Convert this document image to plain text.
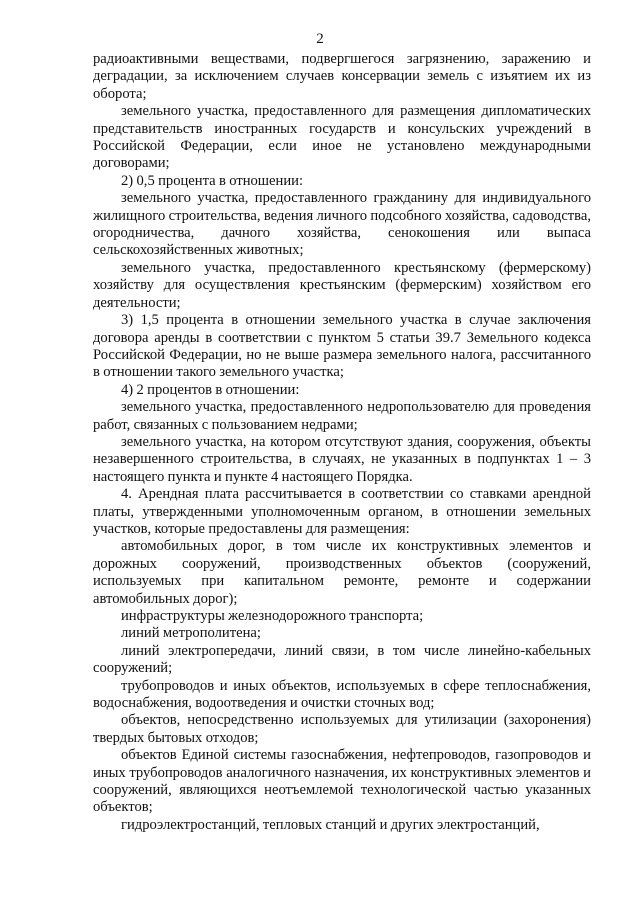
2

радиоактивными веществами, подвергшегося загрязнению, заражению и деградации, за исключением случаев консервации земель с изъятием их из оборота;

земельного участка, предоставленного для размещения дипломатических представительств иностранных государств и консульских учреждений в Российской Федерации, если иное не установлено международными договорами;

2) 0,5 процента в отношении:

земельного участка, предоставленного гражданину для индивидуального жилищного строительства, ведения личного подсобного хозяйства, садоводства, огородничества, дачного хозяйства, сенокошения или выпаса сельскохозяйственных животных;

земельного участка, предоставленного крестьянскому (фермерскому) хозяйству для осуществления крестьянским (фермерским) хозяйством его деятельности;

3) 1,5 процента в отношении земельного участка в случае заключения договора аренды в соответствии с пунктом 5 статьи 39.7 Земельного кодекса Российской Федерации, но не выше размера земельного налога, рассчитанного в отношении такого земельного участка;

4) 2 процентов в отношении:

земельного участка, предоставленного недропользователю для проведения работ, связанных с пользованием недрами;

земельного участка, на котором отсутствуют здания, сооружения, объекты незавершенного строительства, в случаях, не указанных в подпунктах 1 – 3 настоящего пункта и пункте 4 настоящего Порядка.

4. Арендная плата рассчитывается в соответствии со ставками арендной платы, утвержденными уполномоченным органом, в отношении земельных участков, которые предоставлены для размещения:

автомобильных дорог, в том числе их конструктивных элементов и дорожных сооружений, производственных объектов (сооружений, используемых при капитальном ремонте, ремонте и содержании автомобильных дорог);

инфраструктуры железнодорожного транспорта;

линий метрополитена;

линий электропередачи, линий связи, в том числе линейно-кабельных сооружений;

трубопроводов и иных объектов, используемых в сфере теплоснабжения, водоснабжения, водоотведения и очистки сточных вод;

объектов, непосредственно используемых для утилизации (захоронения) твердых бытовых отходов;

объектов Единой системы газоснабжения, нефтепроводов, газопроводов и иных трубопроводов аналогичного назначения, их конструктивных элементов и сооружений, являющихся неотъемлемой технологической частью указанных объектов;

гидроэлектростанций, тепловых станций и других электростанций,
